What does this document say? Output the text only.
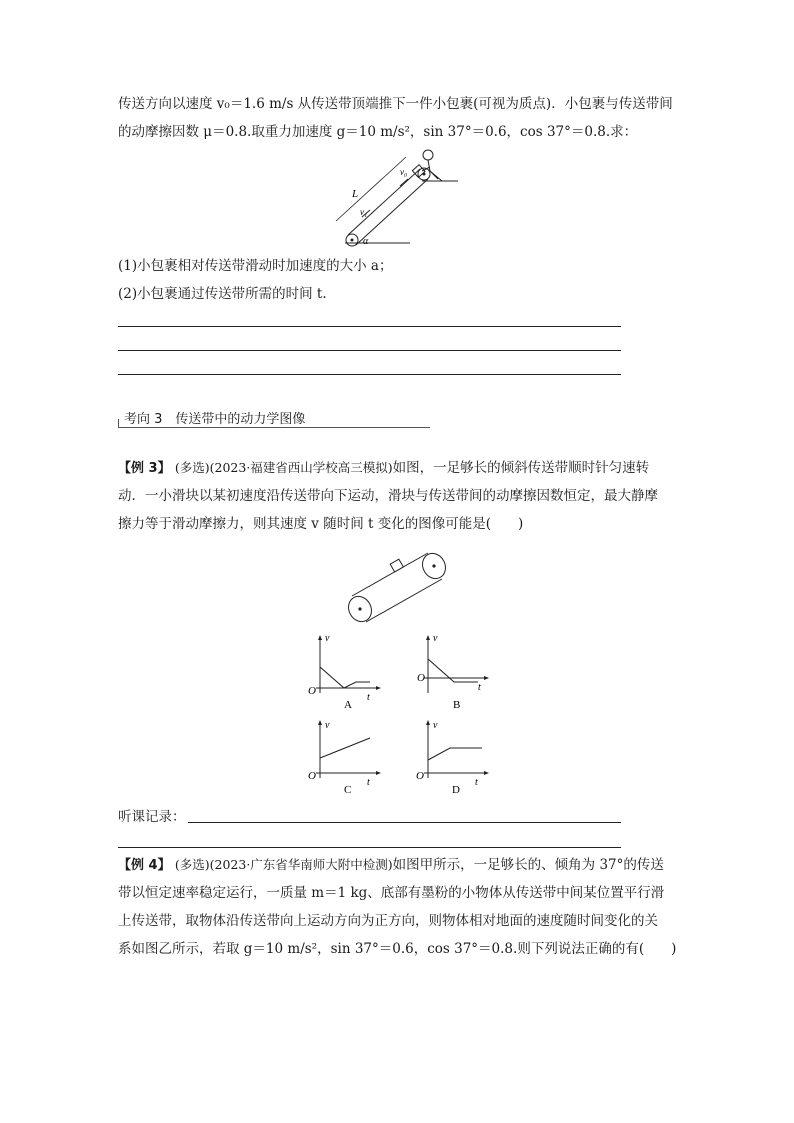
传送方向以速度 v₀＝1.6 m/s 从传送带顶端推下一件小包裹(可视为质点)．小包裹与传送带间
的动摩擦因数 μ＝0.8.取重力加速度 g＝10 m/s²，sin 37°＝0.6，cos 37°＝0.8.求：
L
v₀
v₁
α
(1)小包裹相对传送带滑动时加速度的大小 a；
(2)小包裹通过传送带所需的时间 t.
考向 3　传送带中的动力学图像
【例 3】 (多选)(2023·福建省西山学校高三模拟)如图，一足够长的倾斜传送带顺时针匀速转
动．一小滑块以某初速度沿传送带向下运动，滑块与传送带间的动摩擦因数恒定，最大静摩
擦力等于滑动摩擦力，则其速度 v 随时间 t 变化的图像可能是(　　)
v
O
t
A
v
O
t
B
v
O
t
C
v
O
t
D
听课记录：
【例 4】 (多选)(2023·广东省华南师大附中检测)如图甲所示，一足够长的、倾角为 37°的传送
带以恒定速率稳定运行，一质量 m＝1 kg、底部有墨粉的小物体从传送带中间某位置平行滑
上传送带，取物体沿传送带向上运动方向为正方向，则物体相对地面的速度随时间变化的关
系如图乙所示，若取 g＝10 m/s²，sin 37°＝0.6，cos 37°＝0.8.则下列说法正确的有(　　)
